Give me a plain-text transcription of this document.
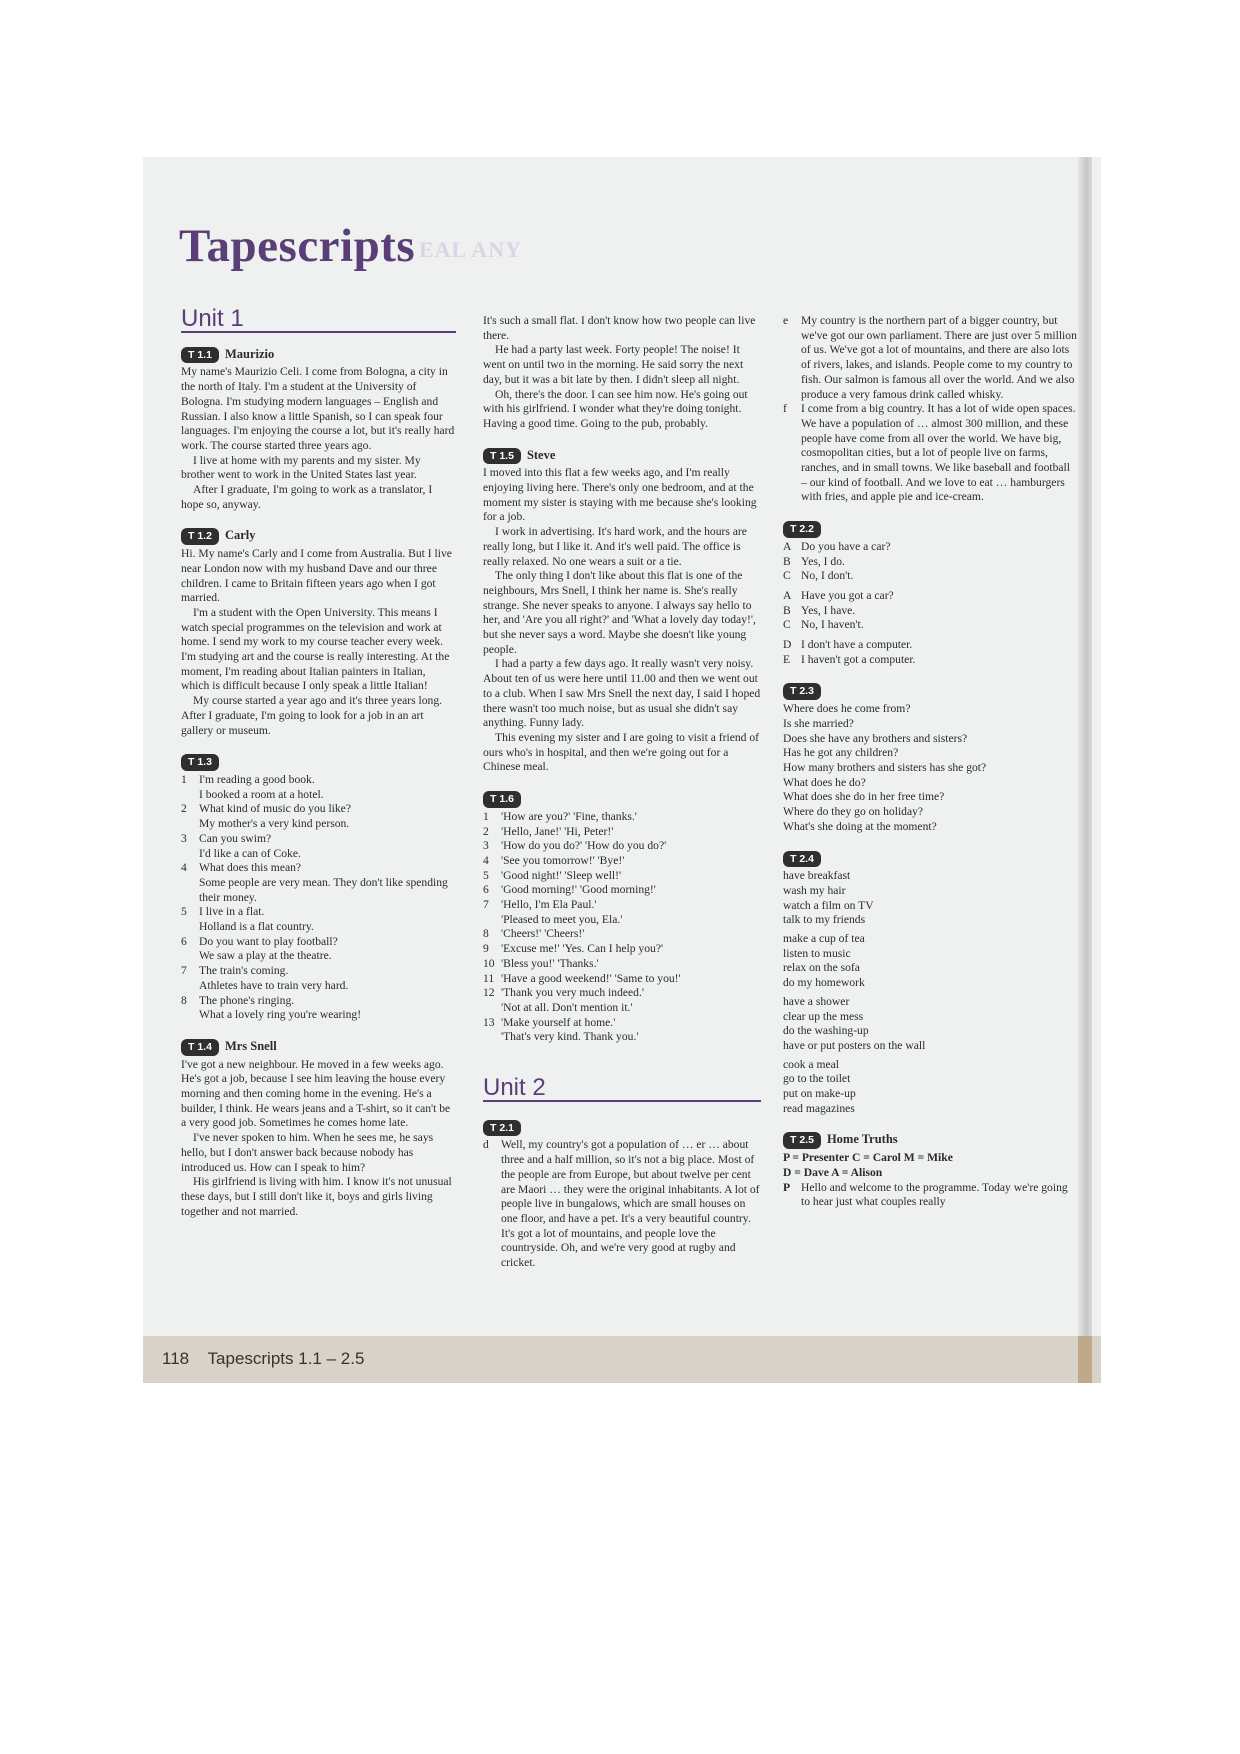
Tapescripts EAL ANY
Unit 1
T 1.1 Maurizio

My name's Maurizio Celi. I come from Bologna, a city in the north of Italy. I'm a student at the University of Bologna. I'm studying modern languages – English and Russian. I also know a little Spanish, so I can speak four languages. I'm enjoying the course a lot, but it's really hard work. The course started three years ago.

I live at home with my parents and my sister. My brother went to work in the United States last year.

After I graduate, I'm going to work as a translator, I hope so, anyway.

T 1.2 Carly

Hi. My name's Carly and I come from Australia. But I live near London now with my husband Dave and our three children. I came to Britain fifteen years ago when I got married.

I'm a student with the Open University. This means I watch special programmes on the television and work at home. I send my work to my course teacher every week. I'm studying art and the course is really interesting. At the moment, I'm reading about Italian painters in Italian, which is difficult because I only speak a little Italian!

My course started a year ago and it's three years long. After I graduate, I'm going to look for a job in an art gallery or museum.

T 1.3
1	I'm reading a good book.
I booked a room at a hotel.
2	What kind of music do you like?
My mother's a very kind person.
3	Can you swim?
I'd like a can of Coke.
4	What does this mean?
Some people are very mean. They don't like spending their money.
5	I live in a flat.
Holland is a flat country.
6	Do you want to play football?
We saw a play at the theatre.
7	The train's coming.
Athletes have to train very hard.
8	The phone's ringing.
What a lovely ring you're wearing!
T 1.4 Mrs Snell

I've got a new neighbour. He moved in a few weeks ago. He's got a job, because I see him leaving the house every morning and then coming home in the evening. He's a builder, I think. He wears jeans and a T-shirt, so it can't be a very good job. Sometimes he comes home late.

I've never spoken to him. When he sees me, he says hello, but I don't answer back because nobody has introduced us. How can I speak to him?

His girlfriend is living with him. I know it's not unusual these days, but I still don't like it, boys and girls living together and not married.

It's such a small flat. I don't know how two people can live there.

He had a party last week. Forty people! The noise! It went on until two in the morning. He said sorry the next day, but it was a bit late by then. I didn't sleep all night.

Oh, there's the door. I can see him now. He's going out with his girlfriend. I wonder what they're doing tonight. Having a good time. Going to the pub, probably.

T 1.5 Steve

I moved into this flat a few weeks ago, and I'm really enjoying living here. There's only one bedroom, and at the moment my sister is staying with me because she's looking for a job.

I work in advertising. It's hard work, and the hours are really long, but I like it. And it's well paid. The office is really relaxed. No one wears a suit or a tie.

The only thing I don't like about this flat is one of the neighbours, Mrs Snell, I think her name is. She's really strange. She never speaks to anyone. I always say hello to her, and 'Are you all right?' and 'What a lovely day today!', but she never says a word. Maybe she doesn't like young people.

I had a party a few days ago. It really wasn't very noisy. About ten of us were here until 11.00 and then we went out to a club. When I saw Mrs Snell the next day, I said I hoped there wasn't too much noise, but as usual she didn't say anything. Funny lady.

This evening my sister and I are going to visit a friend of ours who's in hospital, and then we're going out for a Chinese meal.

T 1.6
1	'How are you?' 'Fine, thanks.'
2	'Hello, Jane!' 'Hi, Peter!'
3	'How do you do?' 'How do you do?'
4	'See you tomorrow!' 'Bye!'
5	'Good night!' 'Sleep well!'
6	'Good morning!' 'Good morning!'
7	'Hello, I'm Ela Paul.'
'Pleased to meet you, Ela.'
8	'Cheers!' 'Cheers!'
9	'Excuse me!' 'Yes. Can I help you?'
10 'Bless you!' 'Thanks.'
11 'Have a good weekend!' 'Same to you!'
12 'Thank you very much indeed.'
'Not at all. Don't mention it.'
13 'Make yourself at home.'
'That's very kind. Thank you.'
Unit 2
T 2.1
d	Well, my country's got a population of … er … about three and a half million, so it's not a big place. Most of the people are from Europe, but about twelve per cent are Maori … they were the original inhabitants. A lot of people live in bungalows, which are small houses on one floor, and have a pet. It's a very beautiful country. It's got a lot of mountains, and people love the countryside. Oh, and we're very good at rugby and cricket.
e	My country is the northern part of a bigger country, but we've got our own parliament. There are just over 5 million of us. We've got a lot of mountains, and there are also lots of rivers, lakes, and islands. People come to my country to fish. Our salmon is famous all over the world. And we also produce a very famous drink called whisky.
f	I come from a big country. It has a lot of wide open spaces. We have a population of … almost 300 million, and these people have come from all over the world. We have big, cosmopolitan cities, but a lot of people live on farms, ranches, and in small towns. We like baseball and football – our kind of football. And we love to eat … hamburgers with fries, and apple pie and ice-cream.
T 2.2
A Do you have a car?
B Yes, I do.
C No, I don't.
A Have you got a car?
B Yes, I have.
C No, I haven't.
D I don't have a computer.
E I haven't got a computer.
T 2.3

Where does he come from?

Is she married?

Does she have any brothers and sisters?

Has he got any children?

How many brothers and sisters has she got?

What does he do?

What does she do in her free time?

Where do they go on holiday?

What's she doing at the moment?

T 2.4

have breakfast

wash my hair

watch a film on TV

talk to my friends

make a cup of tea

listen to music

relax on the sofa

do my homework

have a shower

clear up the mess

do the washing-up

have or put posters on the wall

cook a meal

go to the toilet

put on make-up

read magazines

T 2.5 Home Truths

P = Presenter C = Carol M = Mike

D = Dave A = Alison

P Hello and welcome to the programme. Today we're going to hear just what couples really
118 Tapescripts 1.1 – 2.5
